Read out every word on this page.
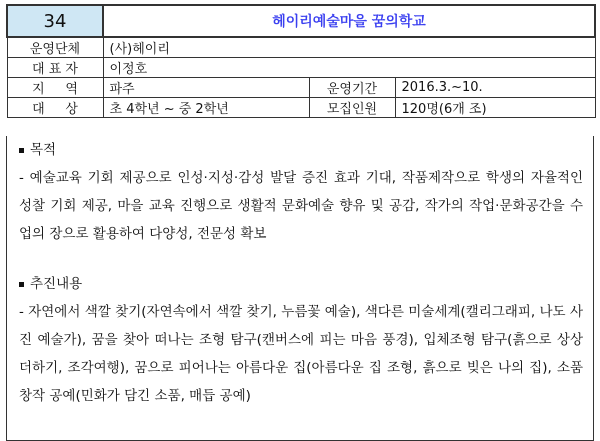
34	헤이리예술마을 꿈의학교		
운영단체	(사)헤이리		
대 표 자	이정호		
지     역	파주	운영기간	2016.3.~10.
대     상	초 4학년 ~ 중 2학년	모집인원	120명(6개 조)
목적
- 예술교육 기회 제공으로 인성·지성·감성 발달 증진 효과 기대, 작품제작으로 학생의 자율적인 성찰 기회 제공, 마을 교육 진행으로 생활적 문화예술 향유 및 공감, 작가의 작업·문화공간을 수업의 장으로 활용하여 다양성, 전문성 확보
추진내용
- 자연에서 색깔 찾기(자연속에서 색깔 찾기, 누름꽃 예술), 색다른 미술세계(캘리그래피, 나도 사진 예술가), 꿈을 찾아 떠나는 조형 탐구(캔버스에 피는 마음 풍경), 입체조형 탐구(흙으로 상상 더하기, 조각여행), 꿈으로 피어나는 아름다운 집(아름다운 집 조형, 흙으로 빚은 나의 집), 소품 창작 공예(민화가 담긴 소품, 매듭 공예)
